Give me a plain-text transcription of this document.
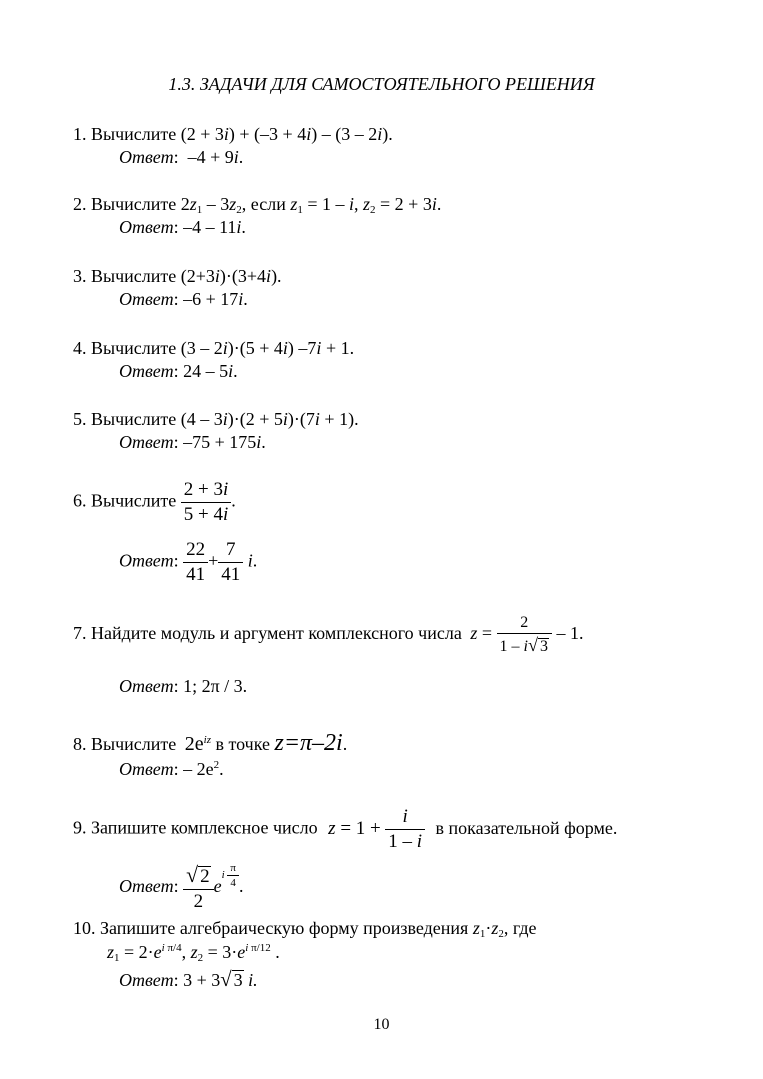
1.3. ЗАДАЧИ ДЛЯ САМОСТОЯТЕЛЬНОГО РЕШЕНИЯ
1. Вычислите (2 + 3i) + (–3 + 4i) – (3 – 2i).
Ответ:  –4 + 9i.
2. Вычислите $2z_1 - 3z_2$, если $z_1 = 1 - i$, $z_2 = 2 + 3i$.
Ответ: –4 – 11i.
3. Вычислите (2+3i)·(3+4i).
Ответ: –6 + 17i.
4. Вычислите (3 – 2i)·(5 + 4i) –7i + 1.
Ответ: 24 – 5i.
5. Вычислите (4 – 3i)·(2 + 5i)·(7i + 1).
Ответ: –75 + 175i.
6. Вычислите $\frac{2 + 3i}{5 + 4i}$ .
Ответ: $\frac{22}{41} + \frac{7}{41} i$.
7. Найдите модуль и аргумент комплексного числа $z = \frac{2}{1 - i√ 3} - 1$.
Ответ: 1; 2π / 3.
8. Вычислите $2e^{iz}$ в точке z=π–2i.
Ответ: – $2e^2$.
9. Запишите комплексное число $z = 1 + \frac{i}{1 - i}$ в показательной форме.
Ответ: $\frac{√ 2}{2}$ ei $\frac{\pi}{4}$ .
10. Запишите алгебраическую форму произведения $z_1\cdot z_2$, где
$z_1 = 2\cdot e^{i \pi/4}$, $z_2 = 3\cdot e^{i \pi/12}$ .
Ответ: 3 + 3√ 3 i.
10
